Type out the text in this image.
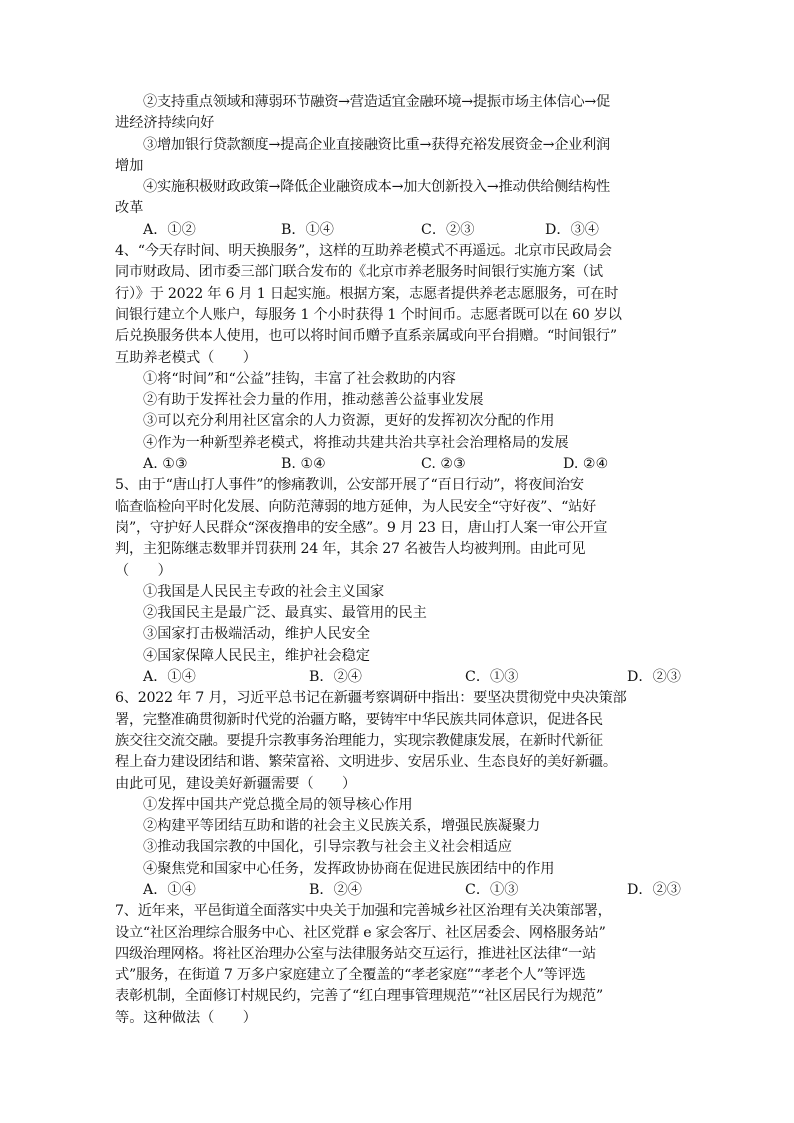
②支持重点领域和薄弱环节融资→营造适宜金融环境→提振市场主体信心→促
进经济持续向好
③增加银行贷款额度→提高企业直接融资比重→获得充裕发展资金→企业利润
增加
④实施积极财政政策→降低企业融资成本→加大创新投入→推动供给侧结构性
改革
A．①②	B．①④	C．②③	D．③④
4、“今天存时间、明天换服务”，这样的互助养老模式不再遥远。北京市民政局会
同市财政局、团市委三部门联合发布的《北京市养老服务时间银行实施方案（试
行）》于 2022 年 6 月 1 日起实施。根据方案，志愿者提供养老志愿服务，可在时
间银行建立个人账户，每服务 1 个小时获得 1 个时间币。志愿者既可以在 60 岁以
后兑换服务供本人使用，也可以将时间币赠予直系亲属或向平台捐赠。“时间银行”
互助养老模式（　　）
①将“时间”和“公益”挂钩，丰富了社会救助的内容
②有助于发挥社会力量的作用，推动慈善公益事业发展
③可以充分利用社区富余的人力资源，更好的发挥初次分配的作用
④作为一种新型养老模式，将推动共建共治共享社会治理格局的发展
A. ①③	B. ①④	C. ②③	D. ②④
5、由于“唐山打人事件”的惨痛教训，公安部开展了“百日行动”，将夜间治安
临查临检向平时化发展、向防范薄弱的地方延伸，为人民安全“守好夜”、“站好
岗”，守护好人民群众“深夜撸串的安全感”。9 月 23 日，唐山打人案一审公开宣
判，主犯陈继志数罪并罚获刑 24 年，其余 27 名被告人均被判刑。由此可见
（　　）
①我国是人民民主专政的社会主义国家
②我国民主是最广泛、最真实、最管用的民主
③国家打击极端活动，维护人民安全
④国家保障人民民主，维护社会稳定
A．①④	B．②④	C．①③	D．②③
6、2022 年 7 月，习近平总书记在新疆考察调研中指出：要坚决贯彻党中央决策部
署，完整准确贯彻新时代党的治疆方略，要铸牢中华民族共同体意识，促进各民
族交往交流交融。要提升宗教事务治理能力，实现宗教健康发展，在新时代新征
程上奋力建设团结和谐、繁荣富裕、文明进步、安居乐业、生态良好的美好新疆。
由此可见，建设美好新疆需要（　　）
①发挥中国共产党总揽全局的领导核心作用
②构建平等团结互助和谐的社会主义民族关系，增强民族凝聚力
③推动我国宗教的中国化，引导宗教与社会主义社会相适应
④聚焦党和国家中心任务，发挥政协协商在促进民族团结中的作用
A．①④	B．②④	C．①③	D．②③
7、近年来，平邑街道全面落实中央关于加强和完善城乡社区治理有关决策部署，
设立“社区治理综合服务中心、社区党群 e 家会客厅、社区居委会、网格服务站”
四级治理网格。将社区治理办公室与法律服务站交互运行，推进社区法律“一站
式”服务，在街道 7 万多户家庭建立了全覆盖的“孝老家庭”“孝老个人”等评选
表彰机制，全面修订村规民约，完善了“红白理事管理规范”“社区居民行为规范”
等。这种做法（　　）
